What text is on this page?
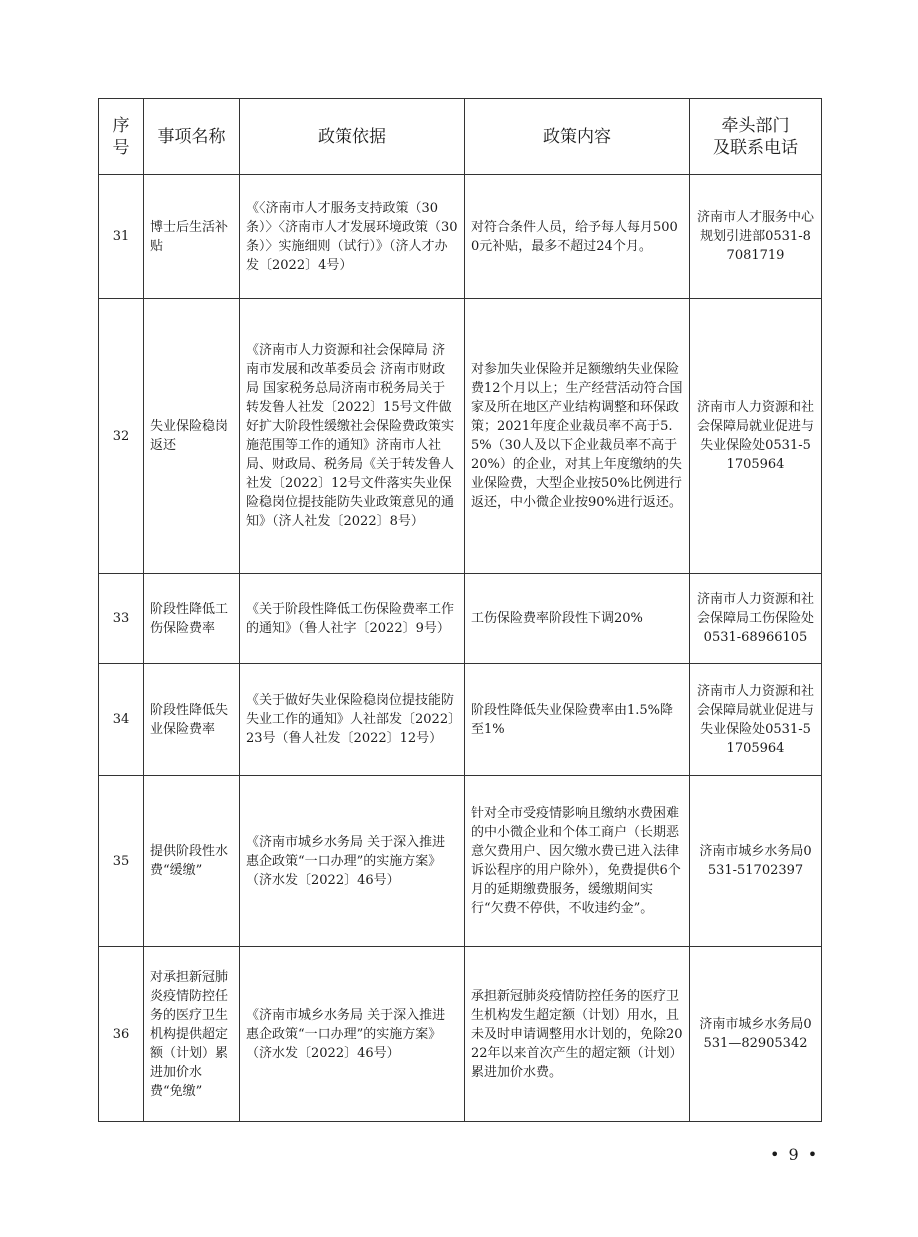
序号	事项名称	政策依据	政策内容	牵头部门
及联系电话
31	博士后生活补贴	《〈济南市人才服务支持政策（30条）〉〈济南市人才发展环境政策（30条）〉实施细则（试行）》（济人才办发〔2022〕4号）	对符合条件人员，给予每人每月5000元补贴，最多不超过24个月。	济南市人才服务中心规划引进部0531-87081719
32	失业保险稳岗返还	《济南市人力资源和社会保障局 济南市发展和改革委员会 济南市财政局 国家税务总局济南市税务局关于转发鲁人社发〔2022〕15号文件做好扩大阶段性缓缴社会保险费政策实施范围等工作的通知》济南市人社局、财政局、税务局《关于转发鲁人社发〔2022〕12号文件落实失业保险稳岗位提技能防失业政策意见的通知》（济人社发〔2022〕8号）	对参加失业保险并足额缴纳失业保险费12个月以上；生产经营活动符合国家及所在地区产业结构调整和环保政策；2021年度企业裁员率不高于5.5%（30人及以下企业裁员率不高于20%）的企业，对其上年度缴纳的失业保险费，大型企业按50%比例进行返还，中小微企业按90%进行返还。	济南市人力资源和社会保障局就业促进与失业保险处0531-51705964
33	阶段性降低工伤保险费率	《关于阶段性降低工伤保险费率工作的通知》（鲁人社字〔2022〕9号）	工伤保险费率阶段性下调20%	济南市人力资源和社会保障局工伤保险处0531-68966105
34	阶段性降低失业保险费率	《关于做好失业保险稳岗位提技能防失业工作的通知》人社部发〔2022〕23号（鲁人社发〔2022〕12号）	阶段性降低失业保险费率由1.5%降至1%	济南市人力资源和社会保障局就业促进与失业保险处0531-51705964
35	提供阶段性水费“缓缴”	《济南市城乡水务局 关于深入推进惠企政策“一口办理”的实施方案》（济水发〔2022〕46号）	针对全市受疫情影响且缴纳水费困难的中小微企业和个体工商户（长期恶意欠费用户、因欠缴水费已进入法律诉讼程序的用户除外），免费提供6个月的延期缴费服务，缓缴期间实行“欠费不停供，不收违约金”。	济南市城乡水务局0531-51702397
36	对承担新冠肺炎疫情防控任务的医疗卫生机构提供超定额（计划）累进加价水费“免缴”	《济南市城乡水务局 关于深入推进惠企政策“一口办理”的实施方案》（济水发〔2022〕46号）	承担新冠肺炎疫情防控任务的医疗卫生机构发生超定额（计划）用水，且未及时申请调整用水计划的，免除2022年以来首次产生的超定额（计划）累进加价水费。	济南市城乡水务局0531—82905342
• 9 •
